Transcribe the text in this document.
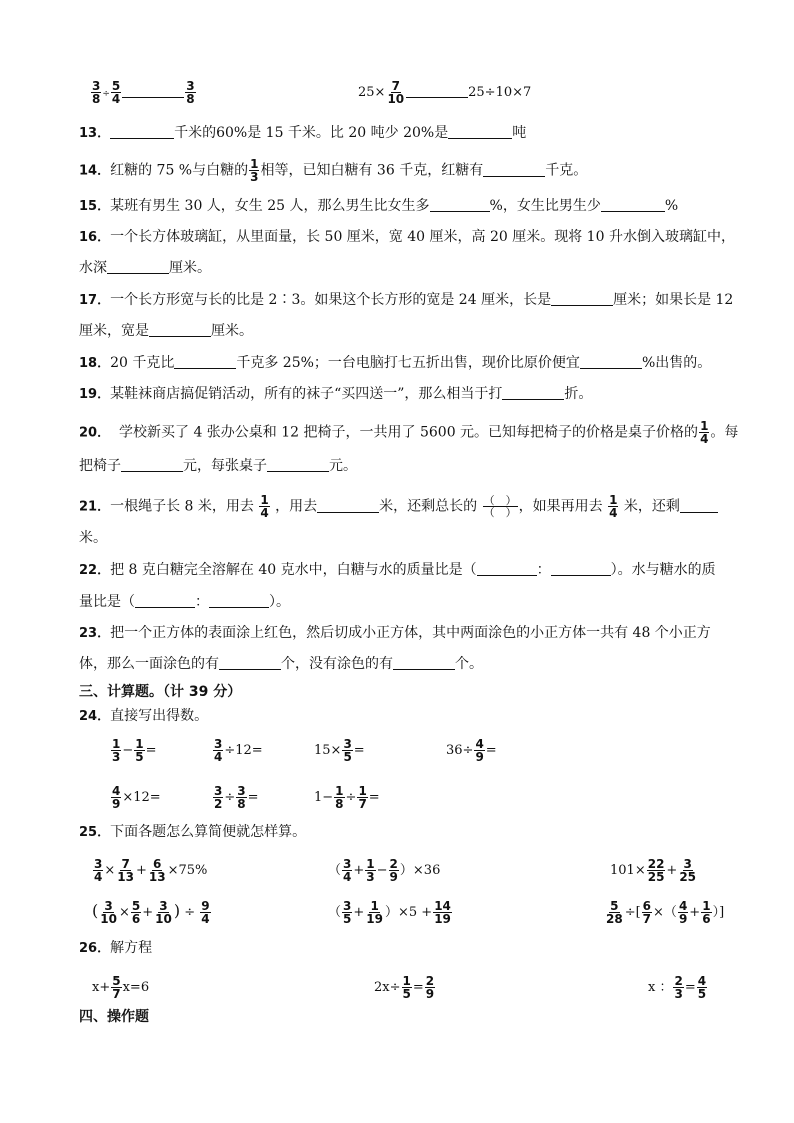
$\frac{3}{8} \div \frac{5}{4}$	$\frac{3}{8}$	$25\times \frac{7}{10}$	25÷10×7
13．	千米的60%是 15 千米。比 20 吨少 20%是	吨
14．红糖的 75 %与白糖的 $\frac{1}{3}$ 相等，已知白糖有 36 千克，红糖有	千克。
15．某班有男生 30 人，女生 25 人，那么男生比女生多	%，女生比男生少	%
16．一个长方体玻璃缸，从里面量，长 50 厘米，宽 40 厘米，高 20 厘米。现将 10 升水倒入玻璃缸中，
水深	厘米。
17．一个长方形宽与长的比是 2∶3。如果这个长方形的宽是 24 厘米，长是	厘米；如果长是 12
厘米，宽是	厘米。
18．20 千克比	千克多 25%；一台电脑打七五折出售，现价比原价便宜	%出售的。
19．某鞋袜商店搞促销活动，所有的袜子“买四送一”，那么相当于打	折。
20． 学校新买了 4 张办公桌和 12 把椅子，一共用了 5600 元。已知每把椅子的价格是桌子价格的 $\frac{1}{4}$ 。每
把椅子	元，每张桌子	元。
21．一根绳子长 8 米，用去 $\frac{1}{4}$ ，用去	米，还剩总长的 $\frac{( )}{( )}$ ，如果再用去 $\frac{1}{4}$ 米，还剩
米。
22．把 8 克白糖完全溶解在 40 克水中，白糖与水的质量比是（	：	）。水与糖水的质
量比是（	：	）。
23．把一个正方体的表面涂上红色，然后切成小正方体，其中两面涂色的小正方体一共有 48 个小正方
体，那么一面涂色的有	个，没有涂色的有	个。
三、计算题。（计 39 分）
24．直接写出得数。
$\frac{1}{3} - \frac{1}{5}$ =	$\frac{3}{4} \div 12=$	$15\times \frac{3}{5}$ =	$36\div \frac{4}{9}$ =
$\frac{4}{9} \times 12=$	$\frac{3}{2} \div \frac{3}{8}$ =	$1- \frac{1}{8} \div \frac{1}{7}$ =
25．下面各题怎么算简便就怎样算。
$\frac{3}{4} \times \frac{7}{13} + \frac{6}{13} \times 75\%$	（ $\frac{3}{4} + \frac{1}{3} - \frac{2}{9} )\times 36$	$101\times \frac{22}{25} + \frac{3}{25}$
( $\frac{3}{10} \times \frac{5}{6} + \frac{3}{10}$ ) ÷ $\frac{9}{4}$	（ $\frac{3}{5} + \frac{1}{19} )\times 5 + \frac{14}{19}$	$\frac{5}{28}$ ÷[ $\frac{6}{7}$ ×（ $\frac{4}{9} + \frac{1}{6}$ ）]
26．解方程
$x+ \frac{5}{7} x=6$	$2x\div \frac{1}{5} = \frac{2}{9}$	x ： $\frac{2}{3} = \frac{4}{5}$
四、操作题
